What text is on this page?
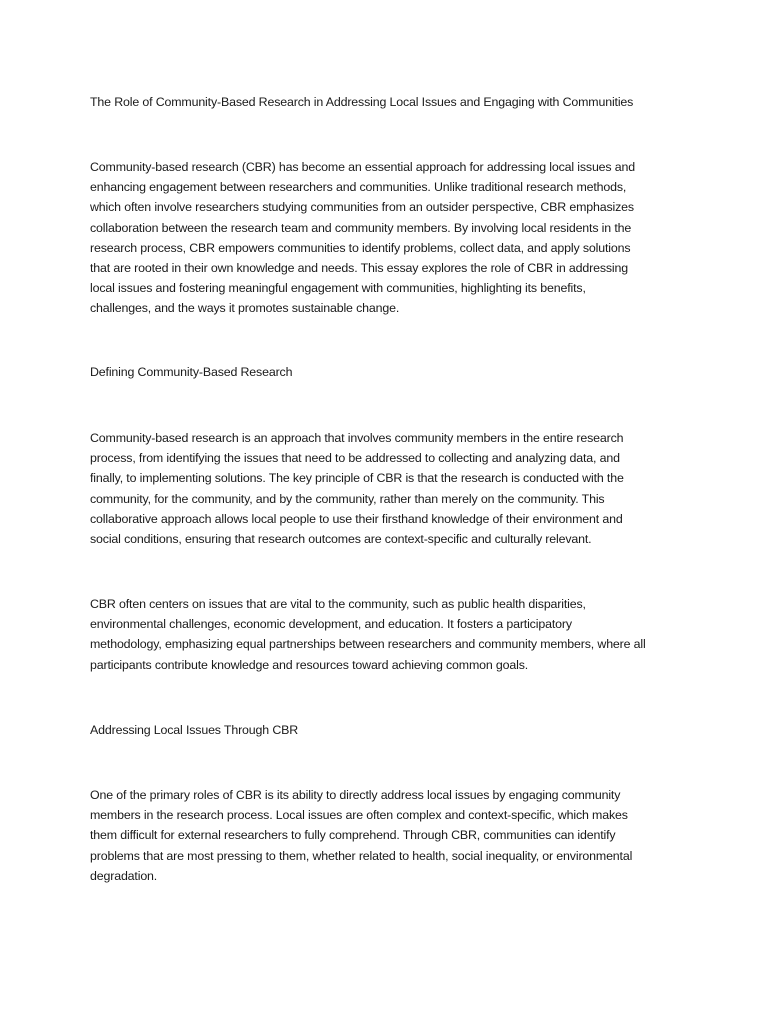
The Role of Community-Based Research in Addressing Local Issues and Engaging with Communities

Community-based research (CBR) has become an essential approach for addressing local issues and
enhancing engagement between researchers and communities. Unlike traditional research methods,
which often involve researchers studying communities from an outsider perspective, CBR emphasizes
collaboration between the research team and community members. By involving local residents in the
research process, CBR empowers communities to identify problems, collect data, and apply solutions
that are rooted in their own knowledge and needs. This essay explores the role of CBR in addressing
local issues and fostering meaningful engagement with communities, highlighting its benefits,
challenges, and the ways it promotes sustainable change.

Defining Community-Based Research

Community-based research is an approach that involves community members in the entire research
process, from identifying the issues that need to be addressed to collecting and analyzing data, and
finally, to implementing solutions. The key principle of CBR is that the research is conducted with the
community, for the community, and by the community, rather than merely on the community. This
collaborative approach allows local people to use their firsthand knowledge of their environment and
social conditions, ensuring that research outcomes are context-specific and culturally relevant.

CBR often centers on issues that are vital to the community, such as public health disparities,
environmental challenges, economic development, and education. It fosters a participatory
methodology, emphasizing equal partnerships between researchers and community members, where all
participants contribute knowledge and resources toward achieving common goals.

Addressing Local Issues Through CBR

One of the primary roles of CBR is its ability to directly address local issues by engaging community
members in the research process. Local issues are often complex and context-specific, which makes
them difficult for external researchers to fully comprehend. Through CBR, communities can identify
problems that are most pressing to them, whether related to health, social inequality, or environmental
degradation.
